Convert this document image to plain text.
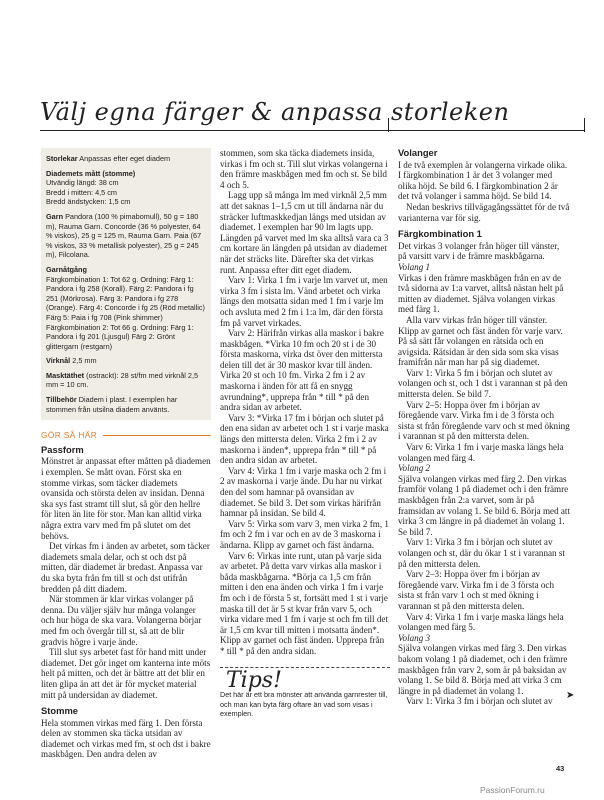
Välj egna färger & anpassa storleken
Storlekar Anpassas efter eget diadem
Diademets mått (stomme)
Utvändig längd: 38 cm
Bredd i mitten: 4,5 cm
Bredd ändstycken: 1,5 cm
Garn Pandora (100 % pimabomull), 50 g = 180 m), Rauma Garn. Concorde (36 % polyester, 64 % viskos), 25 g = 125 m, Rauma Garn. Paia (67 % viskos, 33 % metallisk polyester), 25 g = 245 m), Filcolana.
Garnåtgång
Färgkombination 1: Tot 62 g. Ordning: Färg 1: Pandora i fg 258 (Korall). Färg 2: Pandora i fg 251 (Mörkrosa). Färg 3: Pandora i fg 278 (Orange). Färg 4: Concorde i fg 25 (Röd metallic) Färg 5: Paia i fg 708 (Pink shimmer) Färgkombination 2: Tot 66 g. Ordning: Färg 1: Pandora i fg 201 (Ljusgul) Färg 2: Grönt glittergarn (restgarn)
Virknål 2,5 mm
Masktäthet (ostrackt): 28 st/fm med virknål 2,5 mm = 10 cm.
Tillbehör Diadem i plast. I exemplen har stommen från utsilna diadem använts.
GÖR SÅ HÄR
Passform

Mönstret är anpassat efter måtten på diademen i exemplen. Se mått ovan. Först ska en stomme virkas, som täcker diademets ovansida och största delen av insidan. Denna ska sys fast stramt till slut, så gör den hellre för liten än lite för stor. Man kan alltid virka några extra varv med fm på slutet om det behövs.

Det virkas fm i änden av arbetet, som täcker diademets smala delar, och st och dst på mitten, där diademet är bredast. Anpassa var du ska byta från fm till st och dst utifrån bredden på ditt diadem.

När stommen är klar virkas volanger på denna. Du väljer själv hur många volanger och hur höga de ska vara. Volangerna börjar med fm och övergår till st, så att de blir gradvis högre i varje ände.

Till slut sys arbetet fast för hand mitt under diademet. Det gör inget om kanterna inte möts helt på mitten, och det är bättre att det blir en liten glipa än att det är för mycket material mitt på undersidan av diademet.

Stomme

Hela stommen virkas med färg 1. Den första delen av stommen ska täcka utsidan av diademet och virkas med fm, st och dst i bakre maskbågen. Den andra delen av

stommen, som ska täcka diademets insida, virkas i fm och st. Till slut virkas volangerna i den främre maskbågen med fm och st. Se bild 4 och 5.

Lagg upp så många lm med virknål 2,5 mm att det saknas 1–1,5 cm ut till ändarna när du sträcker luftmaskkedjan längs med utsidan av diademet. I exemplen har 90 lm lagts upp. Längden på varvet med lm ska alltså vara ca 3 cm kortare än längden på utsidan av diademet när det sträcks lite. Därefter ska det virkas runt. Anpassa efter ditt eget diadem.

Varv 1: Virka 1 fm i varje lm varvet ut, men virka 3 fm i sista lm. Vänd arbetet och virka längs den motsatta sidan med 1 fm i varje lm och avsluta med 2 fm i 1:a lm, där den första fm på varvet virkades.

Varv 2: Härifrån virkas alla maskor i bakre maskbågen. *Virka 10 fm och 20 st i de 30 första maskorna, virka dst över den mittersta delen till det är 30 maskor kvar till änden. Virka 20 st och 10 fm. Virka 2 fm i 2 av maskorna i änden för att få en snygg avrundning*, upprepa från * till * på den andra sidan av arbetet.

Varv 3: *Virka 17 fm i början och slutet på den ena sidan av arbetet och 1 st i varje maska längs den mittersta delen. Virka 2 fm i 2 av maskorna i änden*, upprepa från * till * på den andra sidan av arbetet.

Varv 4: Virka 1 fm i varje maska och 2 fm i 2 av maskorna i varje ände. Du har nu virkat den del som hamnar på ovansidan av diademet. Se bild 3. Det som virkas härifrån hamnar på insidan. Se bild 4.

Varv 5: Virka som varv 3, men virka 2 fm, 1 fm och 2 fm i var och en av de 3 maskorna i ändarna. Klipp av garnet och fäst ändarna.

Varv 6: Virkas inte runt, utan på varje sida av arbetet. På detta varv virkas alla maskor i båda maskbågarna. *Börja ca 1,5 cm från mitten i den ena änden och virka 1 fm i varje fm och i de första 5 st, fortsätt med 1 st i varje maska till det är 5 st kvar från varv 5, och virka vidare med 1 fm i varje st och fm till det är 1,5 cm kvar till mitten i motsatta änden*. Klipp av garnet och fäst änden. Upprepa från * till * på den andra sidan.

Tips!
Det här är ett bra mönster att använda garnrester till, och man kan byta färg oftare än vad som visas i exemplen.
Volanger

I de två exemplen är volangerna virkade olika. I färgkombination 1 är det 3 volanger med olika höjd. Se bild 6. I färgkombination 2 är det två volanger i samma höjd. Se bild 14.

Nedan beskrivs tillvägagångssättet för de två varianterna var för sig.

Färgkombination 1

Det virkas 3 volanger från höger till vänster, på varsitt varv i de främre maskbågarna.

Volang 1

Virkas i den främre maskbågen från en av de två sidorna av 1:a varvet, alltså nästan helt på mitten av diademet. Själva volangen virkas med färg 1.

Alla varv virkas från höger till vänster. Klipp av garnet och fäst änden för varje varv. På så sätt får volangen en rätsida och en avigsida. Rätsidan är den sida som ska visas framifrån när man har på sig diademet.

Varv 1: Virka 5 fm i början och slutet av volangen och st, och 1 dst i varannan st på den mittersta delen. Se bild 7.

Varv 2–5: Hoppa över fm i början av föregående varv. Virka fm i de 3 första och sista st från föregående varv och st med ökning i varannan st på den mittersta delen.

Varv 6: Virka 1 fm i varje maska längs hela volangen med färg 4.

Volang 2

Själva volangen virkas med färg 2. Den virkas framför volang 1 på diademet och i den främre maskbågen från 2:a varvet, som är på framsidan av volang 1. Se bild 6. Börja med att virka 3 cm längre in på diademet än volang 1. Se bild 7.

Varv 1: Virka 3 fm i början och slutet av volangen och st, där du ökar 1 st i varannan st på den mittersta delen.

Varv 2–3: Hoppa över fm i början av föregående varv. Virka fm i de 3 första och sista st från varv 1 och st med ökning i varannan st på den mittersta delen.

Varv 4: Virka 1 fm i varje maska längs hela volangen med färg 5.

Volang 3

Själva volangen virkas med färg 3. Den virkas bakom volang 1 på diademet, och i den främre maskbågen från varv 2, som är på baksidan av volang 1. Se bild 8. Börja med att virka 3 cm längre in på diademet än volang 1.

Varv 1: Virka 3 fm i början och slutet av

➤
43
PassionForum.ru
